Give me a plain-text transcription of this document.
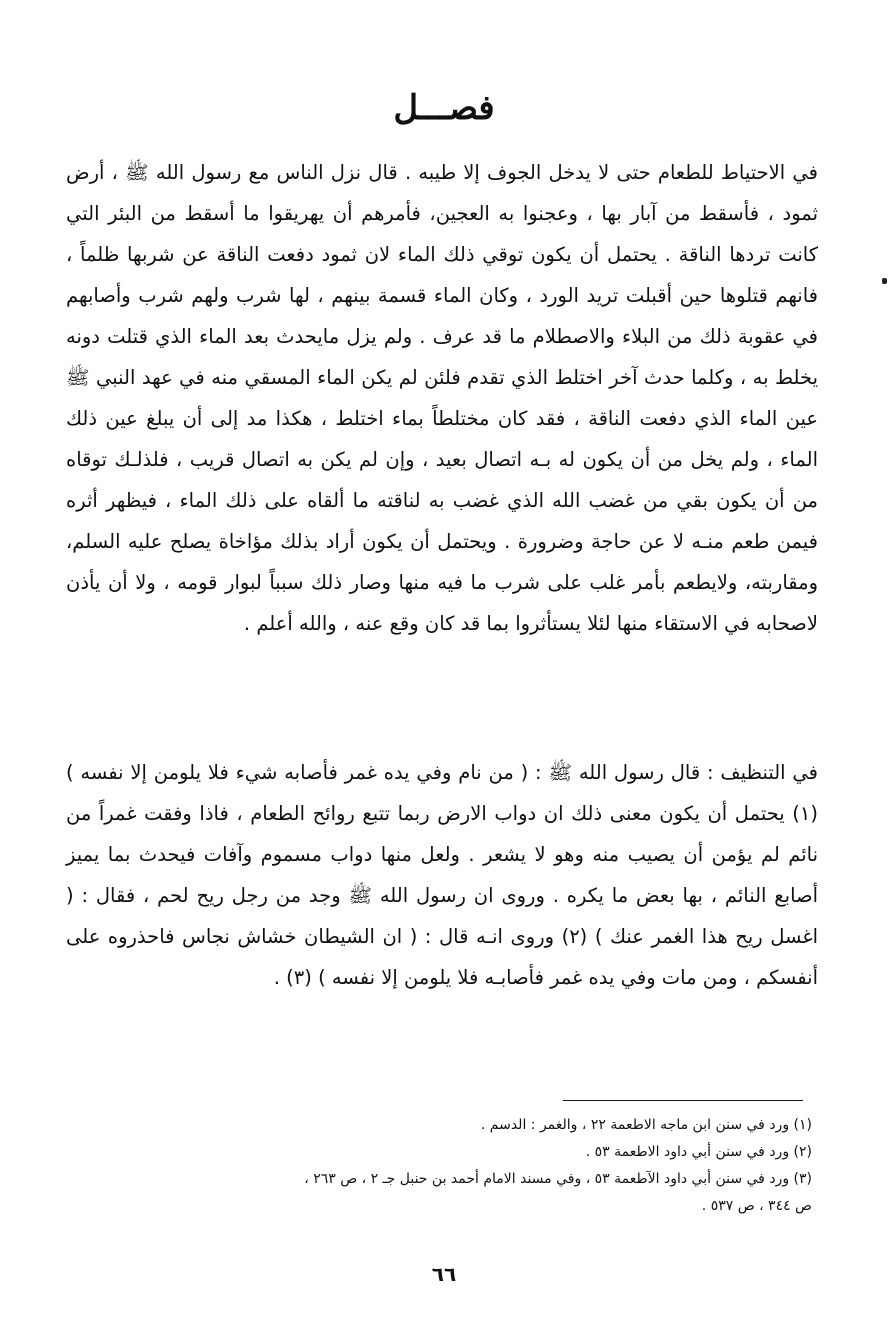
فصـــل
في الاحتياط للطعام حتى لا يدخل الجوف إلا طيبه . قال نزل الناس مع رسول الله ﷺ ، أرض ثمود ، فأسقط من آبار بها ، وعجنوا به العجين، فأمرهم أن يهريقوا ما أسقط من البئر التي كانت تردها الناقة . يحتمل أن يكون توقي ذلك الماء لان ثمود دفعت الناقة عن شربها ظلماً ، فانهم قتلوها حين أقبلت تريد الورد ، وكان الماء قسمة بينهم ، لها شرب ولهم شرب وأصابهم في عقوبة ذلك من البلاء والاصطلام ما قد عرف . ولم يزل مايحدث بعد الماء الذي قتلت دونه يخلط به ، وكلما حدث آخر اختلط الذي تقدم فلئن لم يكن الماء المسقي منه في عهد النبي ﷺ عين الماء الذي دفعت الناقة ، فقد كان مختلطاً بماء اختلط ، هكذا مد إلى أن يبلغ عين ذلك الماء ، ولم يخل من أن يكون له بـه اتصال بعيد ، وإن لم يكن به اتصال قريب ، فلذلـك توقاه من أن يكون بقي من غضب الله الذي غضب به لناقته ما ألقاه على ذلك الماء ، فيظهر أثره فيمن طعم منـه لا عن حاجة وضرورة . ويحتمل أن يكون أراد بذلك مؤاخاة يصلح عليه السلم، ومقاربته، ولايطعم بأمر غلب على شرب ما فيه منها وصار ذلك سبباً لبوار قومه ، ولا أن يأذن لاصحابه في الاستقاء منها لئلا يستأثروا بما قد كان وقع عنه ، والله أعلم .
في التنظيف : قال رسول الله ﷺ : ( من نام وفي يده غمر فأصابه شيء فلا يلومن إلا نفسه ) (١) يحتمل أن يكون معنى ذلك ان دواب الارض ربما تتبع روائح الطعام ، فاذا وفقت غمراً من نائم لم يؤمن أن يصيب منه وهو لا يشعر . ولعل منها دواب مسموم وآفات فيحدث بما يميز أصابع النائم ، بها بعض ما يكره . وروى ان رسول الله ﷺ وجد من رجل ريح لحم ، فقال : ( اغسل ريح هذا الغمر عنك ) (٢) وروى انـه قال : ( ان الشيطان خشاش نجاس فاحذروه على أنفسكم ، ومن مات وفي يده غمر فأصابـه فلا يلومن إلا نفسه ) (٣) .
(١) ورد في سنن ابن ماجه الاطعمة ٢٢ ، والغمر : الدسم .
(٢) ورد في سنن أبي داود الاطعمة ٥٣ .
(٣) ورد في سنن أبي داود الآطعمة ٥٣ ، وفي مسند الامام أحمد بن حنبل جـ ٢ ، ص ٢٦٣ ،
ص ٣٤٤ ، ص ٥٣٧ .
٦٦
